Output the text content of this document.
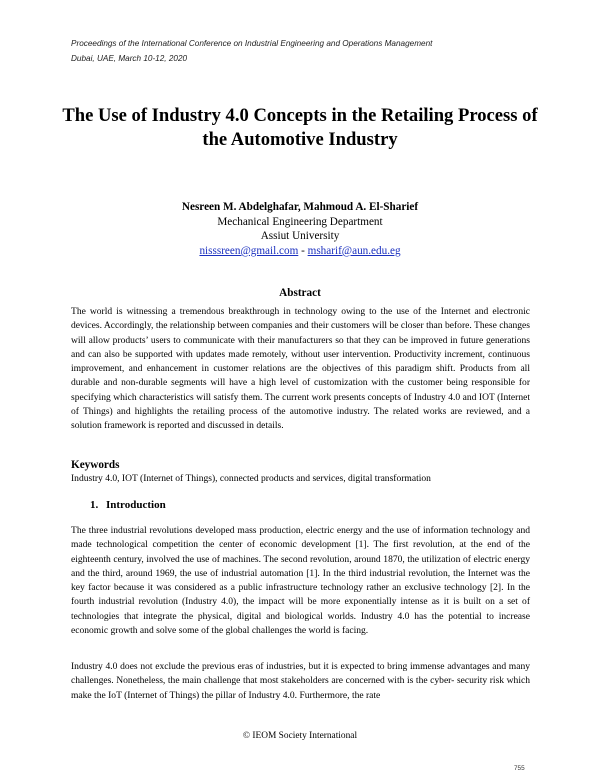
Proceedings of the International Conference on Industrial Engineering and Operations Management
Dubai, UAE, March 10-12, 2020
The Use of Industry 4.0 Concepts in the Retailing Process of
the Automotive Industry
Nesreen M. Abdelghafar, Mahmoud A. El-Sharief
Mechanical Engineering Department
Assiut University
nisssreen@gmail.com - msharif@aun.edu.eg
Abstract
The world is witnessing a tremendous breakthrough in technology owing to the use of the Internet and electronic devices. Accordingly, the relationship between companies and their customers will be closer than before. These changes will allow products’ users to communicate with their manufacturers so that they can be improved in future generations and can also be supported with updates made remotely, without user intervention. Productivity increment, continuous improvement, and enhancement in customer relations are the objectives of this paradigm shift. Products from all durable and non-durable segments will have a high level of customization with the customer being responsible for specifying which characteristics will satisfy them. The current work presents concepts of Industry 4.0 and IOT (Internet of Things) and highlights the retailing process of the automotive industry. The related works are reviewed, and a solution framework is reported and discussed in details.
Keywords
Industry 4.0, IOT (Internet of Things), connected products and services, digital transformation
1. Introduction
The three industrial revolutions developed mass production, electric energy and the use of information technology and made technological competition the center of economic development [1]. The first revolution, at the end of the eighteenth century, involved the use of machines. The second revolution, around 1870, the utilization of electric energy and the third, around 1969, the use of industrial automation [1]. In the third industrial revolution, the Internet was the key factor because it was considered as a public infrastructure technology rather an exclusive technology [2]. In the fourth industrial revolution (Industry 4.0), the impact will be more exponentially intense as it is built on a set of technologies that integrate the physical, digital and biological worlds. Industry 4.0 has the potential to increase economic growth and solve some of the global challenges the world is facing.
Industry 4.0 does not exclude the previous eras of industries, but it is expected to bring immense advantages and many challenges. Nonetheless, the main challenge that most stakeholders are concerned with is the cyber- security risk which make the IoT (Internet of Things) the pillar of Industry 4.0. Furthermore, the rate
© IEOM Society International
755
